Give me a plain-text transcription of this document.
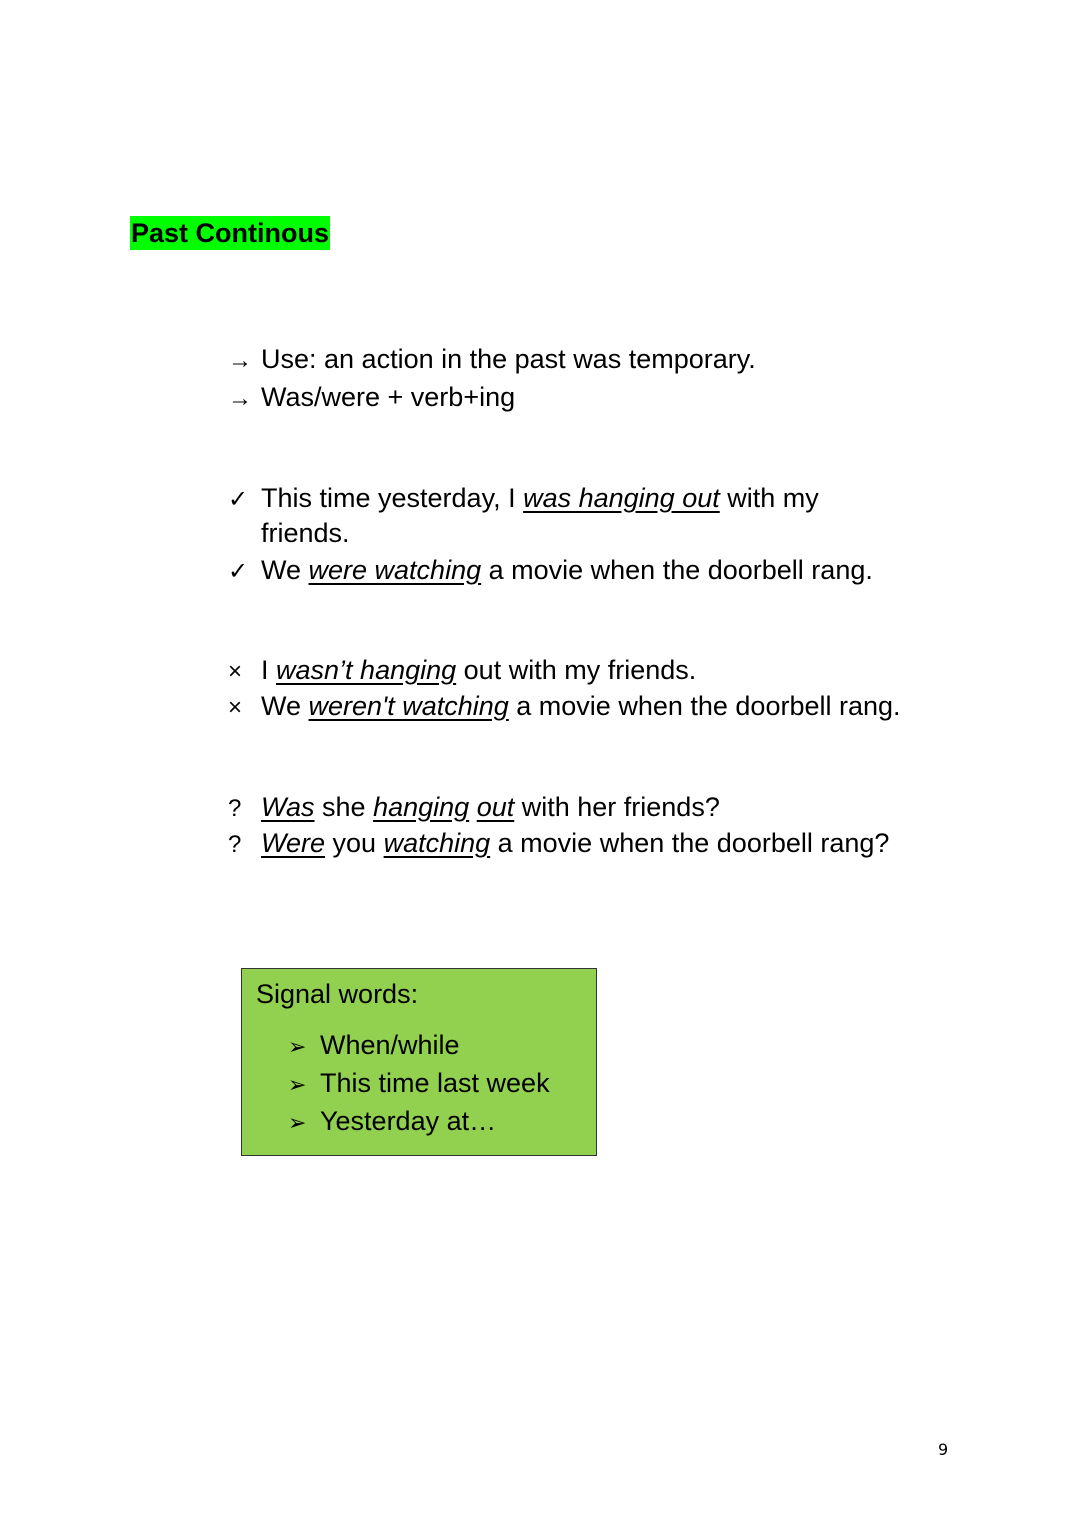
Past Continous
→ Use: an action in the past was temporary.
→ Was/were + verb+ing
✓ This time yesterday, I was hanging out with my
friends.
✓ We were watching a movie when the doorbell rang.
× I wasn’t hanging out with my friends.
× We weren't watching a movie when the doorbell rang.
? Was she hanging out with her friends?
? Were you watching a movie when the doorbell rang?
Signal words:
➢ When/while
➢ This time last week
➢ Yesterday at…
9
